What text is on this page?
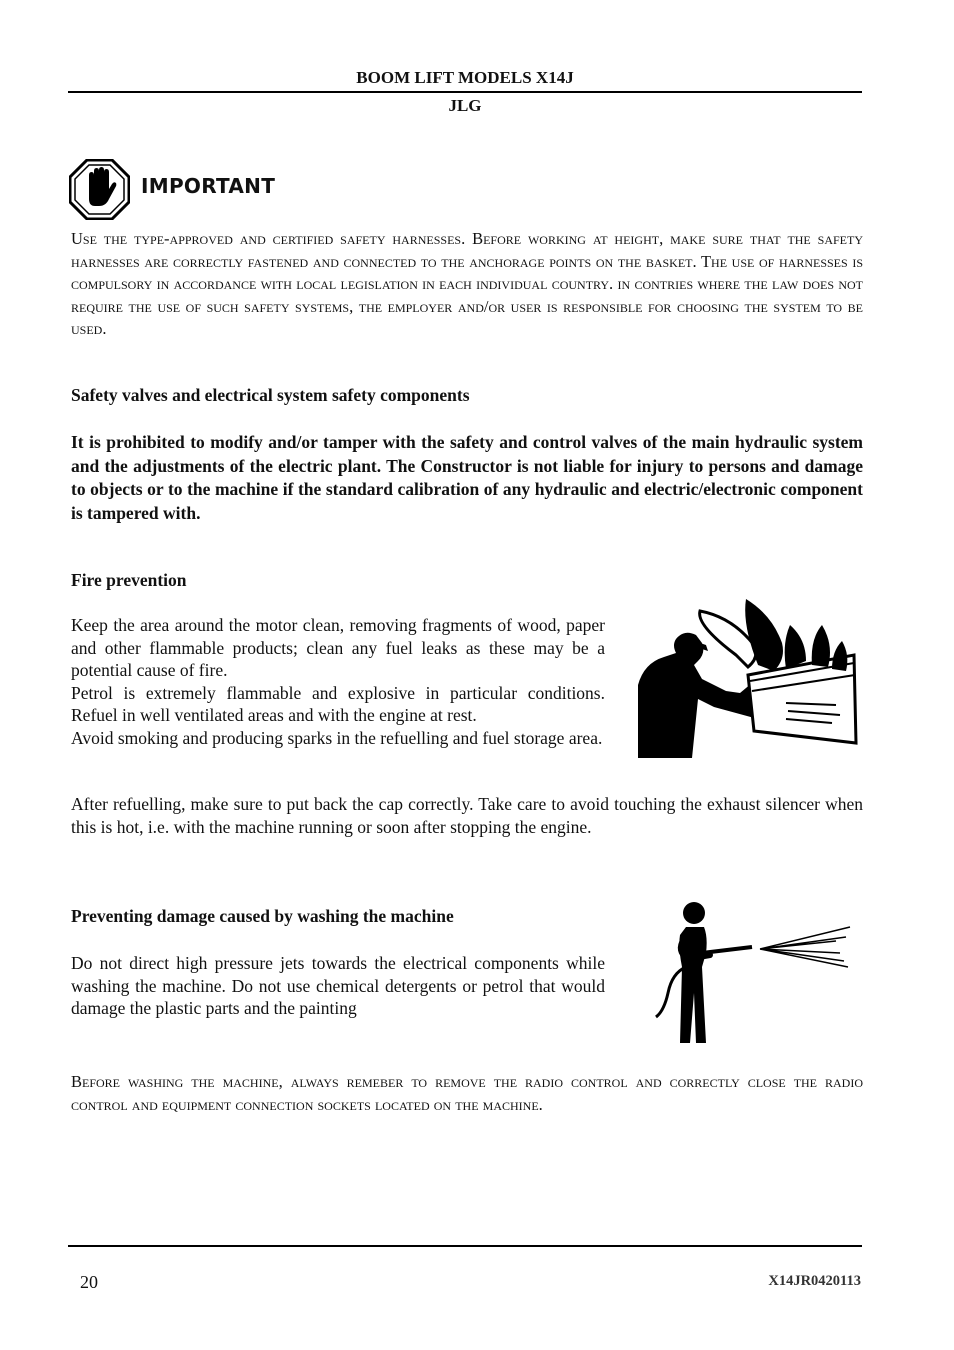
BOOM LIFT MODELS X14J
JLG
IMPORTANT
Use the type-approved and certified safety harnesses. Before working at height, make sure that the safety harnesses are correctly fastened and connected to the anchorage points on the basket. The use of harnesses is compulsory in accordance with local legislation in each individual country. in contries where the law does not require the use of such safety systems, the employer and/or user is responsible for choosing the system to be used.
Safety valves and electrical system safety components
It is prohibited to modify and/or tamper with the safety and control valves of the main hydraulic system and the adjustments of the electric plant. The Constructor is not liable for injury to persons and damage to objects or to the machine if the standard calibration of any hydraulic and electric/electronic component is tampered with.
Fire prevention

Keep the area around the motor clean, removing fragments of wood, paper and other flammable products; clean any fuel leaks as these may be a potential cause of fire.

Petrol is extremely flammable and explosive in particular conditions. Refuel in well ventilated areas and with the engine at rest.

Avoid smoking and producing sparks in the refuelling and fuel storage area.

After refuelling, make sure to put back the cap correctly. Take care to avoid touching the exhaust silencer when this is hot, i.e. with the machine running or soon after stopping the engine.
Preventing damage caused by washing the machine

Do not direct high pressure jets towards the electrical components while washing the machine. Do not use chemical detergents or petrol that would damage the plastic parts and the painting

Before washing the machine, always remeber to remove the radio control and correctly close the radio control and equipment connection sockets located on the machine.
20	X14JR0420113
